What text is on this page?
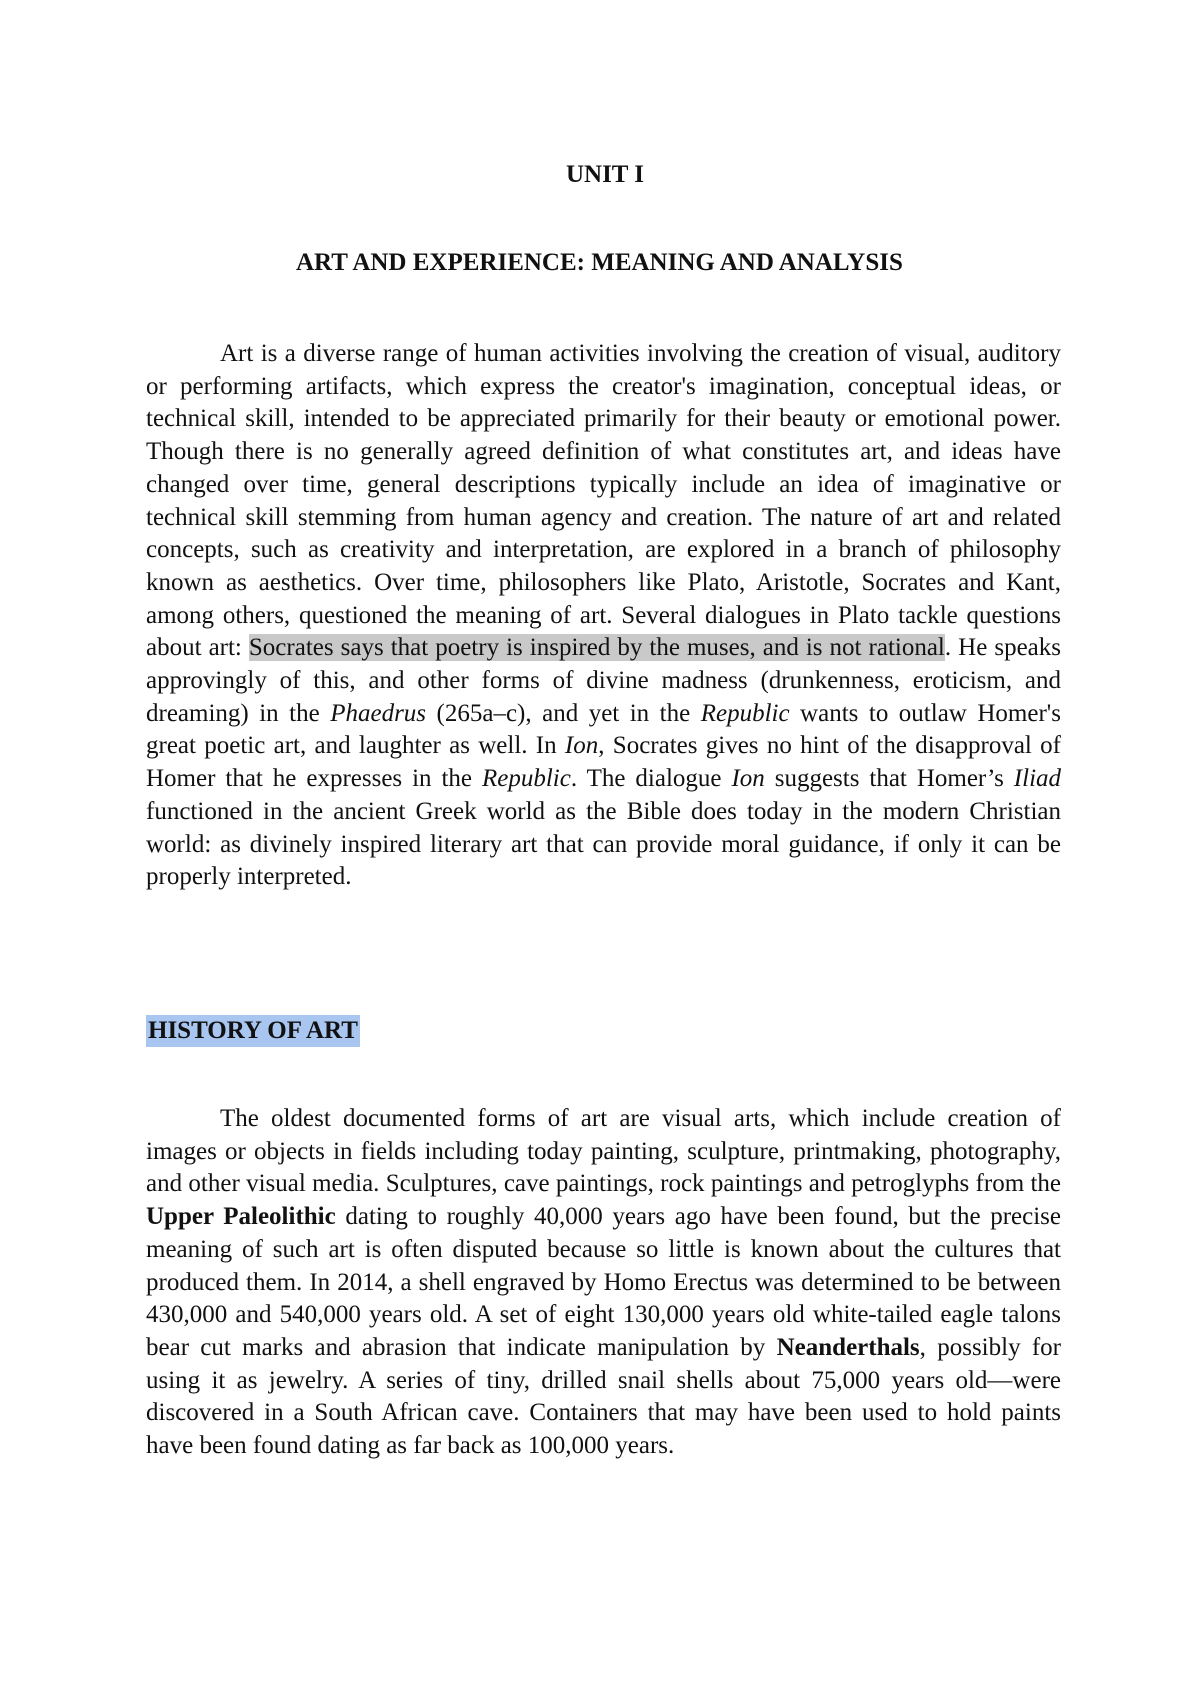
UNIT I
ART AND EXPERIENCE: MEANING AND ANALYSIS

Art is a diverse range of human activities involving the creation of visual, auditory or performing artifacts, which express the creator's imagination, conceptual ideas, or technical skill, intended to be appreciated primarily for their beauty or emotional power. Though there is no generally agreed definition of what constitutes art, and ideas have changed over time, general descriptions typically include an idea of imaginative or technical skill stemming from human agency and creation. The nature of art and related concepts, such as creativity and interpretation, are explored in a branch of philosophy known as aesthetics. Over time, philosophers like Plato, Aristotle, Socrates and Kant, among others, questioned the meaning of art. Several dialogues in Plato tackle questions about art: Socrates says that poetry is inspired by the muses, and is not rational. He speaks approvingly of this, and other forms of divine madness (drunkenness, eroticism, and dreaming) in the Phaedrus (265a–c), and yet in the Republic wants to outlaw Homer's great poetic art, and laughter as well. In Ion, Socrates gives no hint of the disapproval of Homer that he expresses in the Republic. The dialogue Ion suggests that Homer’s Iliad functioned in the ancient Greek world as the Bible does today in the modern Christian world: as divinely inspired literary art that can provide moral guidance, if only it can be properly interpreted.

HISTORY OF ART

The oldest documented forms of art are visual arts, which include creation of images or objects in fields including today painting, sculpture, printmaking, photography, and other visual media. Sculptures, cave paintings, rock paintings and petroglyphs from the Upper Paleolithic dating to roughly 40,000 years ago have been found, but the precise meaning of such art is often disputed because so little is known about the cultures that produced them. In 2014, a shell engraved by Homo Erectus was determined to be between 430,000 and 540,000 years old. A set of eight 130,000 years old white-tailed eagle talons bear cut marks and abrasion that indicate manipulation by Neanderthals, possibly for using it as jewelry. A series of tiny, drilled snail shells about 75,000 years old—were discovered in a South African cave. Containers that may have been used to hold paints have been found dating as far back as 100,000 years.
